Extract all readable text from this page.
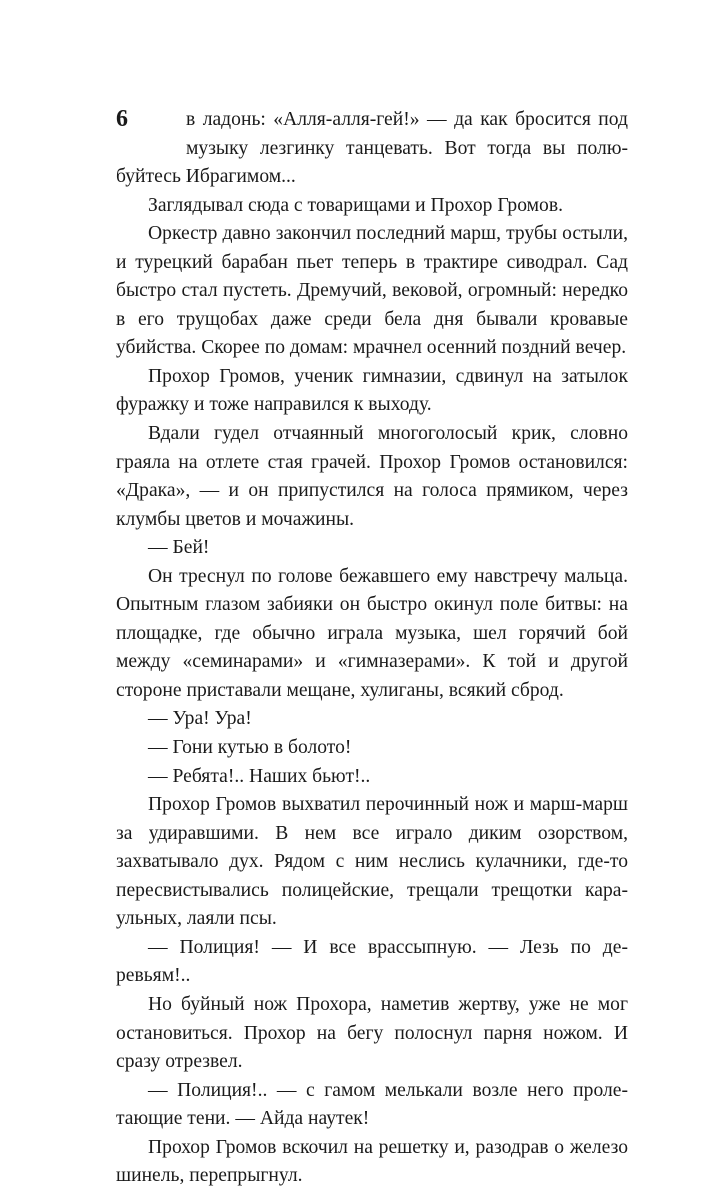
6	в ладонь: «Алля-алля-гей!» — да как бросится под музыку лезгинку танцевать. Вот тогда вы полюбуйтесь Ибрагимом...

Заглядывал сюда с товарищами и Прохор Громов.

Оркестр давно закончил последний марш, трубы остыли, и турецкий барабан пьет теперь в трактире сиводрал. Сад быстро стал пустеть. Дремучий, вековой, огромный: нередко в его трущобах даже среди бела дня бывали кровавые убийства. Скорее по домам: мрачнел осенний поздний вечер.

Прохор Громов, ученик гимназии, сдвинул на затылок фуражку и тоже направился к выходу.

Вдали гудел отчаянный многоголосый крик, словно граяла на отлете стая грачей. Прохор Громов остановился: «Драка», — и он припустился на голоса прямиком, через клумбы цветов и мочажины.

— Бей!

Он треснул по голове бежавшего ему навстречу мальца. Опытным глазом забияки он быстро окинул поле битвы: на площадке, где обычно играла музыка, шел горячий бой между «семинарами» и «гимназерами». К той и другой стороне приставали мещане, хулиганы, всякий сброд.

— Ура! Ура!

— Гони кутью в болото!

— Ребята!.. Наших бьют!..

Прохор Громов выхватил перочинный нож и марш-марш за удиравшими. В нем все играло диким озорством, захватывало дух. Рядом с ним неслись кулачники, где-то пересвистывались полицейские, трещали трещотки караульных, лаяли псы.

— Полиция! — И все врассыпную. — Лезь по деревьям!..

Но буйный нож Прохора, наметив жертву, уже не мог остановиться. Прохор на бегу полоснул парня ножом. И сразу отрезвел.

— Полиция!.. — с гамом мелькали возле него пролетающие тени. — Айда наутек!

Прохор Громов вскочил на решетку и, разодрав о железо шинель, перепрыгнул.
